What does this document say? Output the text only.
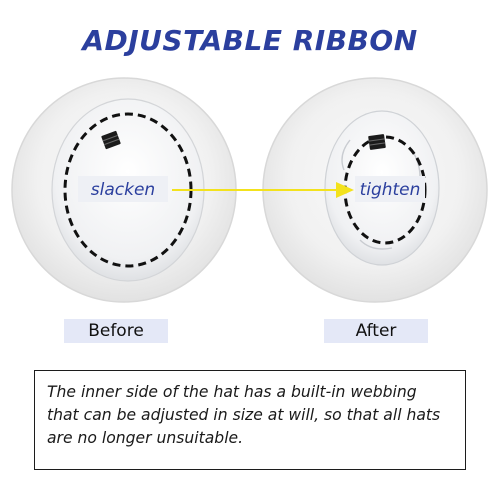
ADJUSTABLE RIBBON
slacken	tighten
Before	After
The inner side of the hat has a built-in webbing that can be adjusted in size at will, so that all hats are no longer unsuitable.
